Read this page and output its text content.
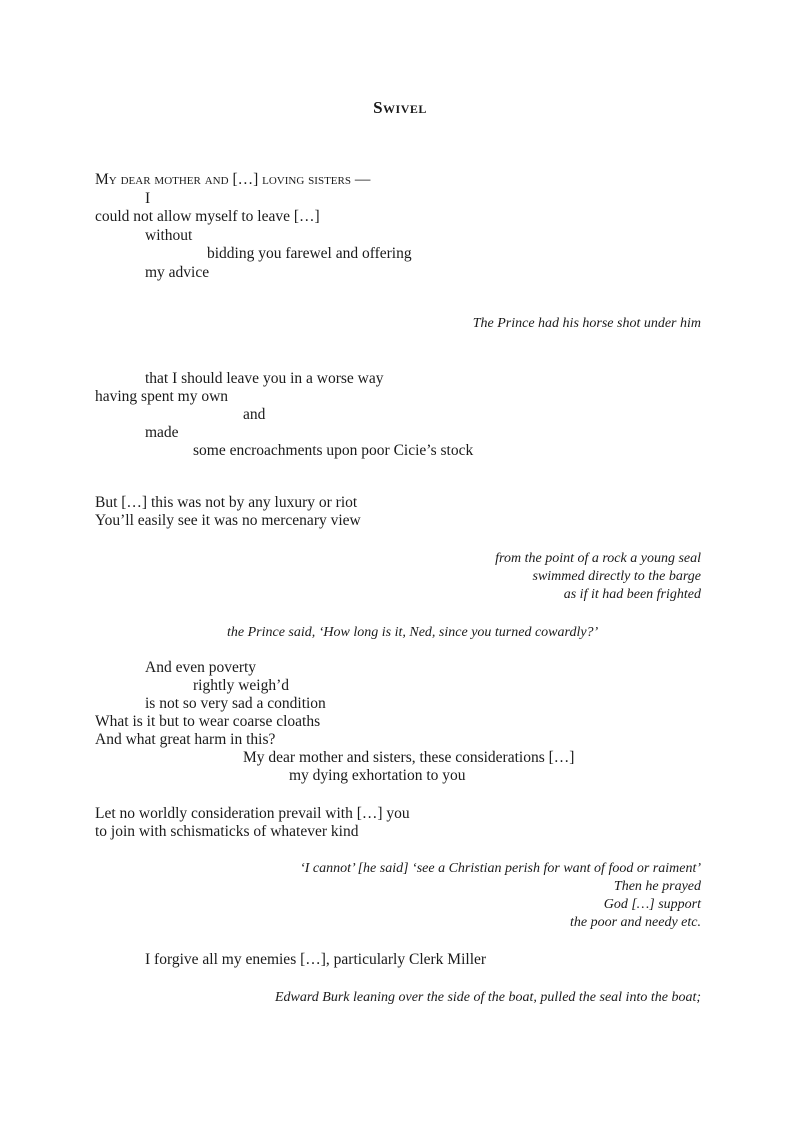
Swivel
My dear mother and […] loving sisters —
I
could not allow myself to leave […]
without
bidding you farewel and offering
my advice
The Prince had his horse shot under him
that I should leave you in a worse way
having spent my own
and
made
some encroachments upon poor Cicie’s stock
But […] this was not by any luxury or riot
You’ll easily see it was no mercenary view
from the point of a rock a young seal
swimmed directly to the barge
as if it had been frighted
the Prince said, ‘How long is it, Ned, since you turned cowardly?’
And even poverty
rightly weigh’d
is not so very sad a condition
What is it but to wear coarse cloaths
And what great harm in this?
My dear mother and sisters, these considerations […]
my dying exhortation to you
Let no worldly consideration prevail with […] you
to join with schismaticks of whatever kind
‘I cannot’ [he said] ‘see a Christian perish for want of food or raiment’
Then he prayed
God […] support
the poor and needy etc.
I forgive all my enemies […], particularly Clerk Miller
Edward Burk leaning over the side of the boat, pulled the seal into the boat;
